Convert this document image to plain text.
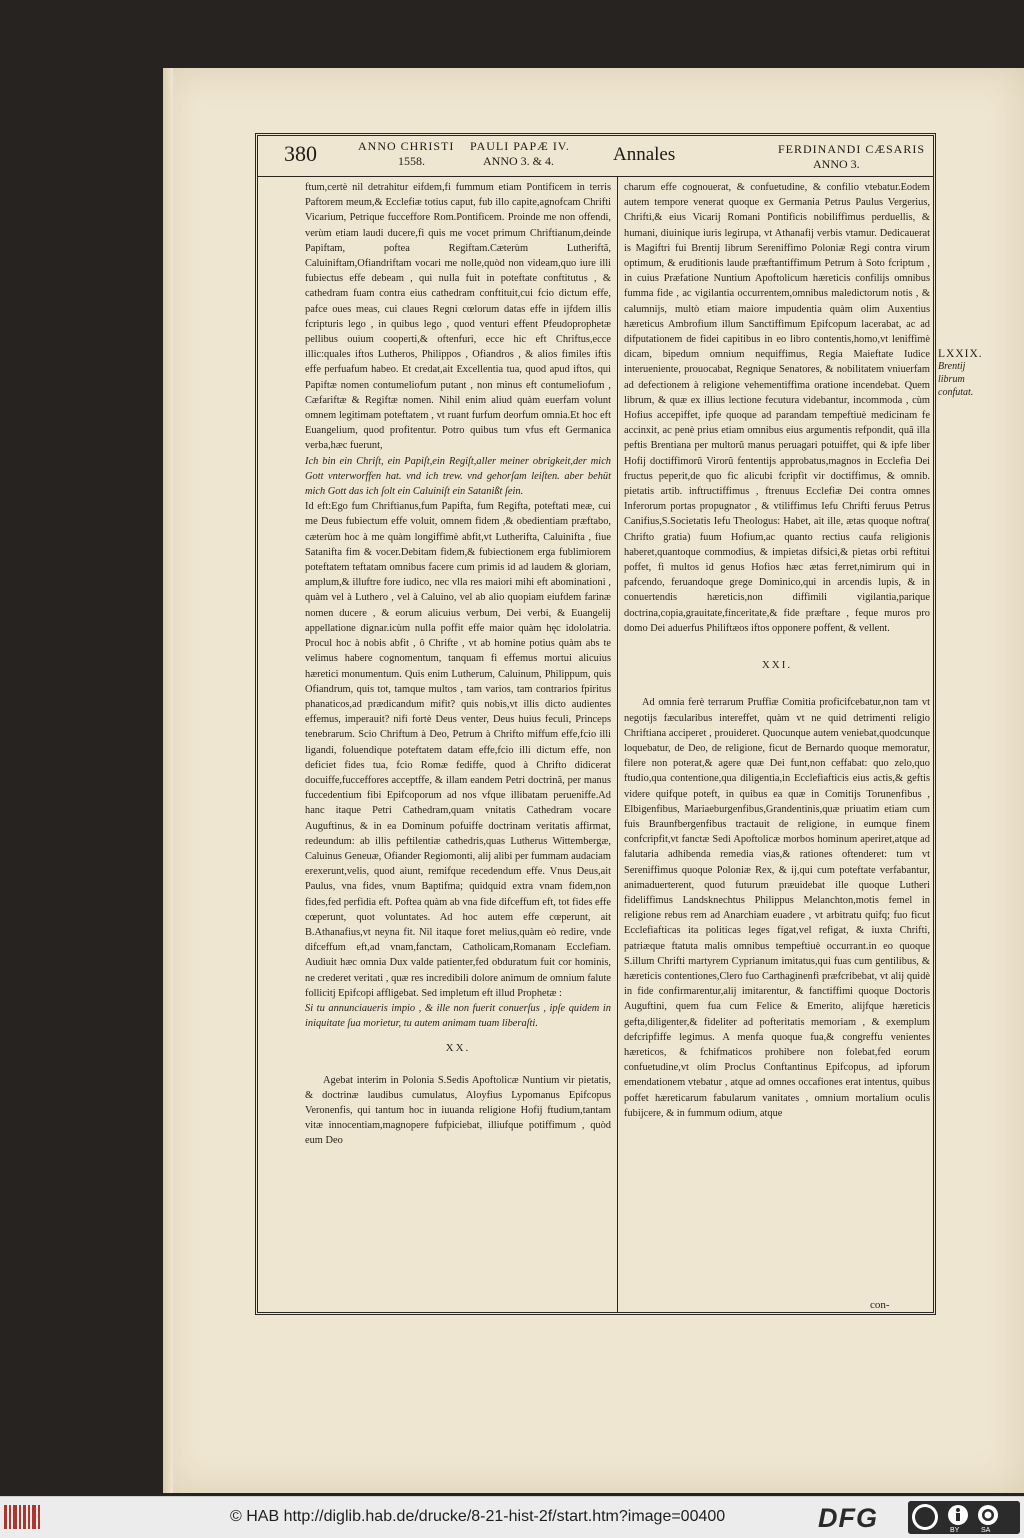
380	ANNO CHRISTI
1558.
PAULI PAPÆ IV.
ANNO 3. & 4.	Annales	FERDINANDI CÆSARIS
ANNO 3.

ftum,certè nil detrahitur eifdem,fi fummum etiam Pontificem in terris Paftorem meum,& Ecclefiæ totius caput, fub illo capite,agnofcam Chrifti Vicarium, Petrique fucceffore Rom.Pontificem. Proinde me non offendi, verùm etiam laudi ducere,fi quis me vocet primum Chriftianum,deinde Papiftam, poftea Regiftam.Cæterùm Lutheriftã, Caluiniftam,Ofiandriftam vocari me nolle,quòd non videam,quo iure illi fubiectus effe debeam , qui nulla fuit in poteftate conftitutus , & cathedram fuam contra eius cathedram conftituit,cui fcio dictum effe, pafce oues meas, cui claues Regni cœlorum datas effe in ijfdem illis fcripturis lego , in quibus lego , quod venturi effent Pfeudoprophetæ pellibus ouium cooperti,& oftenfuri, ecce hic eft Chriftus,ecce illic:quales iftos Lutheros, Philippos , Ofiandros , & alios fimiles iftis effe perfuafum habeo. Et credat,ait Excellentia tua, quod apud iftos, qui Papiftæ nomen contumeliofum putant , non minus eft contumeliofum , Cæfariftæ & Regiftæ nomen. Nihil enim aliud quàm euerfam volunt omnem legitimam poteftatem , vt ruant furfum deorfum omnia.Et hoc eft Euangelium, quod profitentur. Potro quibus tum vfus eft Germanica verba,hæc fuerunt,

Ich bin ein Chriſt, ein Papiſt,ein Regiſt,aller meiner obrigkeit,der mich Gott vnterworffen hat. vnd ich trew. vnd gehorſam leiſten. aber behüt mich Gott das ich ſolt ein Caluiniſt ein Satanißt ſein.

Id eft:Ego fum Chriftianus,fum Papifta, fum Regifta, poteftati meæ, cui me Deus fubiectum effe voluit, omnem fidem ,& obedientiam præftabo, cæterùm hoc à me quàm longiffimè abfit,vt Lutherifta, Caluinifta , fiue Satanifta fim & vocer.Debitam fidem,& fubiectionem erga fublimiorem poteftatem teftatam omnibus facere cum primis id ad laudem & gloriam, amplum,& illuftre fore iudico, nec vlla res maiori mihi eft abominationi , quàm vel à Luthero , vel à Caluino, vel ab alio quopiam eiufdem farinæ nomen ducere , & eorum alicuius verbum, Dei verbi, & Euangelij appellatione dignar.icùm nulla poffit effe maior quàm hęc idololatria. Procul hoc à nobis abfit , ô Chrifte , vt ab homine potius quàm abs te velimus habere cognomentum, tanquam fi effemus mortui alicuius hæretici monumentum. Quis enim Lutherum, Caluinum, Philippum, quis Ofiandrum, quis tot, tamque multos , tam varios, tam contrarios fpiritus phanaticos,ad prædicandum mifit? quis nobis,vt illis dicto audientes effemus, imperauit? nifi fortè Deus venter, Deus huius feculi, Princeps tenebrarum. Scio Chriftum à Deo, Petrum à Chrifto miffum effe,fcio illi ligandi, foluendique poteftatem datam effe,fcio illi dictum effe, non deficiet fides tua, fcio Romæ fediffe, quod à Chrifto didicerat docuiffe,fucceffores acceptffe, & illam eandem Petri doctrinã, per manus fuccedentium fibi Epifcoporum ad nos vfque illibatam perueniffe.Ad hanc itaque Petri Cathedram,quam vnitatis Cathedram vocare Auguftinus, & in ea Dominum pofuiffe doctrinam veritatis affirmat, redeundum: ab illis peftilentiæ cathedris,quas Lutherus Wittembergæ, Caluinus Geneuæ, Ofiander Regiomonti, alij alibi per fummam audaciam erexerunt,velis, quod aiunt, remifque recedendum effe. Vnus Deus,ait Paulus, vna fides, vnum Baptifma; quidquid extra vnam fidem,non fides,fed perfidia eft. Poftea quàm ab vna fide difceffum eft, tot fides effe cœperunt, quot voluntates. Ad hoc autem effe cœperunt, ait B.Athanafius,vt neyna fit. Nil itaque foret melius,quàm eò redire, vnde difceffum eft,ad vnam,fanctam, Catholicam,Romanam Ecclefiam. Audiuit hæc omnia Dux valde patienter,fed obduratum fuit cor hominis, ne crederet veritati , quæ res incredibili dolore animum de omnium falute follicitj Epifcopi affligebat. Sed impletum eft illud Prophetæ :

Si tu annunciaueris impio , & ille non fuerit conuerſus , ipſe quidem in iniquitate ſua morietur, tu autem animam tuam liberaſti.

XX.

Agebat interim in Polonia S.Sedis Apoftolicæ Nuntium vir pietatis, & doctrinæ laudibus cumulatus, Aloyfius Lypomanus Epifcopus Veronenfis, qui tantum hoc in iuuanda religione Hofij ftudium,tantam vitæ innocentiam,magnopere fufpiciebat, illiufque potiffimum , quòd eum Deo

charum effe cognouerat, & confuetudine, & confilio vtebatur.Eodem autem tempore venerat quoque ex Germania Petrus Paulus Vergerius, Chrifti,& eius Vicarij Romani Pontificis nobiliffimus perduellis, & humani, diuinique iuris legirupa, vt Athanafij verbis vtamur. Dedicauerat is Magiftri fui Brentij librum Sereniffimo Poloniæ Regi contra virum optimum, & eruditionis laude præftantiffimum Petrum à Soto fcriptum , in cuius Præfatione Nuntium Apoftolicum hæreticis confilijs omnibus fumma fide , ac vigilantia occurrentem,omnibus maledictorum notis , & calumnijs, multò etiam maiore impudentia quàm olim Auxentius hæreticus Ambrofium illum Sanctiffimum Epifcopum lacerabat, ac ad difputationem de fidei capitibus in eo libro contentis,homo,vt leniffimè dicam, bipedum omnium nequiffimus, Regia Maieftate Iudice interueniente, prouocabat, Regnique Senatores, & nobilitatem vniuerfam ad defectionem à religione vehementiffima oratione incendebat. Quem librum, & quæ ex illius lectione fecutura videbantur, incommoda , cùm Hofius accepiffet, ipfe quoque ad parandam tempeftiuè medicinam fe accinxit, ac penè prius etiam omnibus eius argumentis refpondit, quã illa peftis Brentiana per multorũ manus peruagari potuiffet, qui & ipfe liber Hofij doctiffimorũ Virorũ fententijs approbatus,magnos in Ecclefia Dei fructus peperit,de quo fic alicubi fcripfit vir doctiffimus, & omnib. pietatis artib. inftructiffimus , ftrenuus Ecclefiæ Dei contra omnes Inferorum portas propugnator , & vtiliffimus Iefu Chrifti feruus Petrus Canifius,S.Societatis Iefu Theologus: Habet, ait ille, ætas quoque noftra( Chrifto gratia) fuum Hofium,ac quanto rectius caufa religionis haberet,quantoque commodius, & impietas difsici,& pietas orbi reftitui poffet, fi multos id genus Hofios hæc ætas ferret,nimirum qui in pafcendo, feruandoque grege Dominico,qui in arcendis lupis, & in conuertendis hæreticis,non diffimili vigilantia,parique doctrina,copia,grauitate,fínceritate,& fide præftare , feque muros pro domo Dei aduerfus Philiftæos iftos opponere poffent, & vellent.

XXI.

Ad omnia ferè terrarum Pruffiæ Comitia proficifcebatur,non tam vt negotijs fæcularibus intereffet, quàm vt ne quid detrimenti religio Chriftiana acciperet , prouideret. Quocunque autem veniebat,quodcunque loquebatur, de Deo, de religione, ficut de Bernardo quoque memoratur, filere non poterat,& agere quæ Dei funt,non ceffabat: quo zelo,quo ftudio,qua contentione,qua diligentia,in Ecclefiafticis eius actis,& geftis videre quifque poteft, in quibus ea quæ in Comitijs Torunenfibus , Elbigenfibus, Mariaeburgenfibus,Grandentinis,quæ priuatim etiam cum fuis Braunfbergenfibus tractauit de religione, in eumque finem confcripfit,vt fanctæ Sedi Apoftolicæ morbos hominum aperiret,atque ad falutaria adhibenda remedia vias,& rationes oftenderet: tum vt Sereniffimus quoque Poloniæ Rex, & ij,qui cum poteftate verfabantur, animaduerterent, quod futurum præuidebat ille quoque Lutheri fideliffimus Landsknechtus Philippus Melanchton,motis femel in religione rebus rem ad Anarchiam euadere , vt arbitratu quifq; fuo ficut Ecclefiafticas ita politicas leges fígat,vel refigat, & iuxta Chrifti, patriæque ftatuta malis omnibus tempeftiuè occurrant.in eo quoque S.illum Chrifti martyrem Cyprianum imitatus,qui fuas cum gentilibus, & hæreticis contentiones,Clero fuo Carthaginenfi præfcribebat, vt alij quidè in fide confirmarentur,alij imitarentur, & fanctiffimi quoque Doctoris Auguftini, quem fua cum Felice & Emerito, alijfque hæreticis gefta,diligenter,& fideliter ad pofteritatis memoriam , & exemplum defcripfiffe legimus. A menfa quoque fua,& congreffu venientes hæreticos, & fchifmaticos prohibere non folebat,fed eorum confuetudine,vt olim Proclus Conftantinus Epifcopus, ad ipforum emendationem vtebatur , atque ad omnes occafiones erat intentus, quibus poffet hæreticarum fabularum vanitates , omnium mortalium oculis fubijcere, & in fummum odium, atque

con-
LXXIX.
Brentij librum confutat.
© HAB http://diglib.hab.de/drucke/8-21-hist-2f/start.htm?image=00400	DFG	BY	SA
